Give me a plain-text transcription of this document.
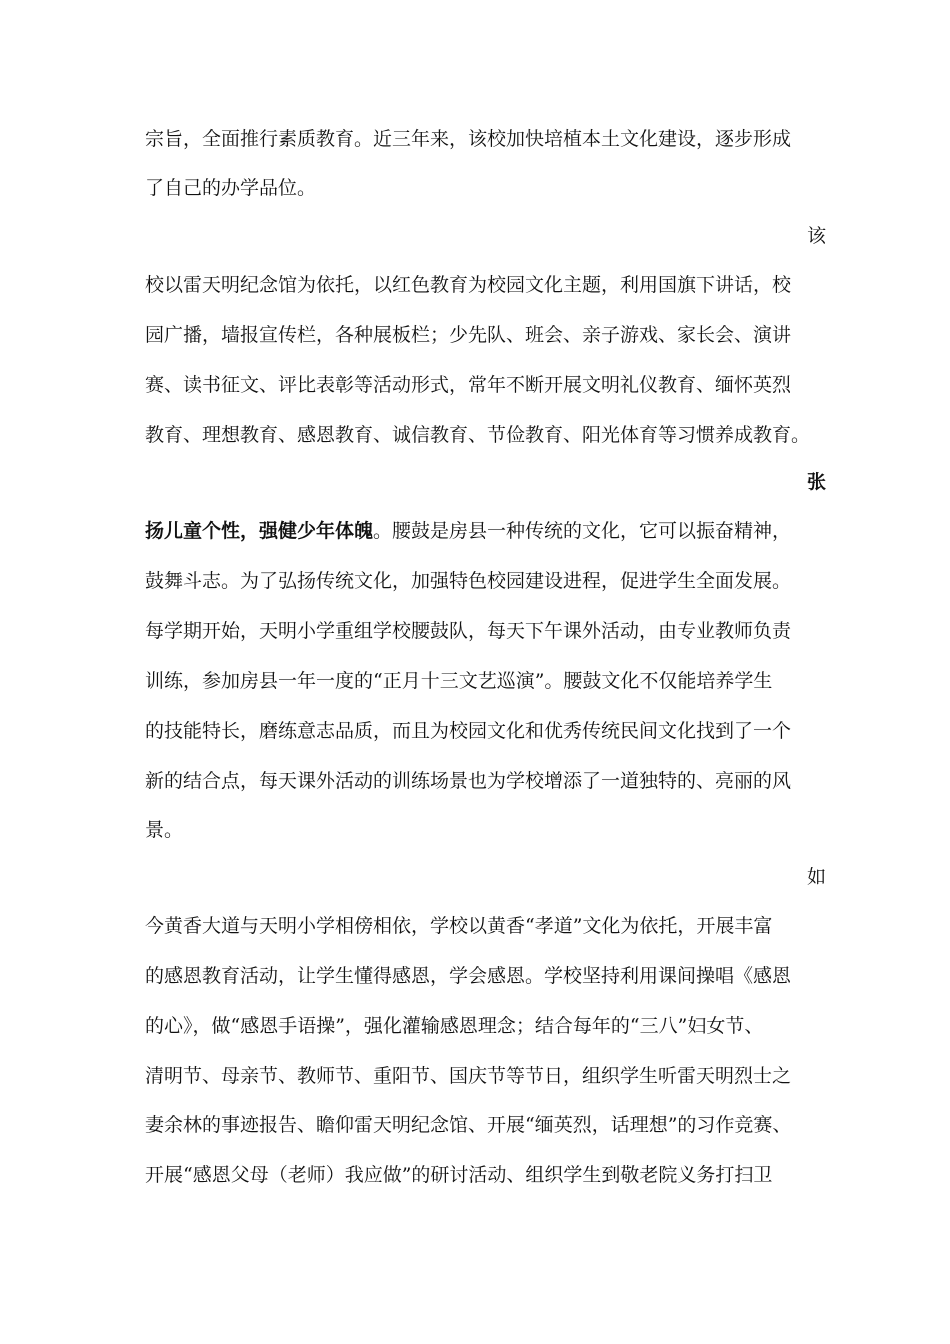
宗旨，全面推行素质教育。近三年来，该校加快培植本土文化建设，逐步形成
了自己的办学品位。
该
校以雷天明纪念馆为依托，以红色教育为校园文化主题，利用国旗下讲话，校
园广播，墙报宣传栏，各种展板栏；少先队、班会、亲子游戏、家长会、演讲
赛、读书征文、评比表彰等活动形式，常年不断开展文明礼仪教育、缅怀英烈
教育、理想教育、感恩教育、诚信教育、节俭教育、阳光体育等习惯养成教育。
张
扬儿童个性，强健少年体魄。腰鼓是房县一种传统的文化，它可以振奋精神，
鼓舞斗志。为了弘扬传统文化，加强特色校园建设进程，促进学生全面发展。
每学期开始，天明小学重组学校腰鼓队，每天下午课外活动，由专业教师负责
训练，参加房县一年一度的“正月十三文艺巡演”。腰鼓文化不仅能培养学生
的技能特长，磨练意志品质，而且为校园文化和优秀传统民间文化找到了一个
新的结合点，每天课外活动的训练场景也为学校增添了一道独特的、亮丽的风
景。
如
今黄香大道与天明小学相傍相依，学校以黄香“孝道”文化为依托，开展丰富
的感恩教育活动，让学生懂得感恩，学会感恩。学校坚持利用课间操唱《感恩
的心》，做“感恩手语操”，强化灌输感恩理念；结合每年的“三八”妇女节、
清明节、母亲节、教师节、重阳节、国庆节等节日，组织学生听雷天明烈士之
妻余林的事迹报告、瞻仰雷天明纪念馆、开展“缅英烈，话理想”的习作竞赛、
开展“感恩父母（老师）我应做”的研讨活动、组织学生到敬老院义务打扫卫
